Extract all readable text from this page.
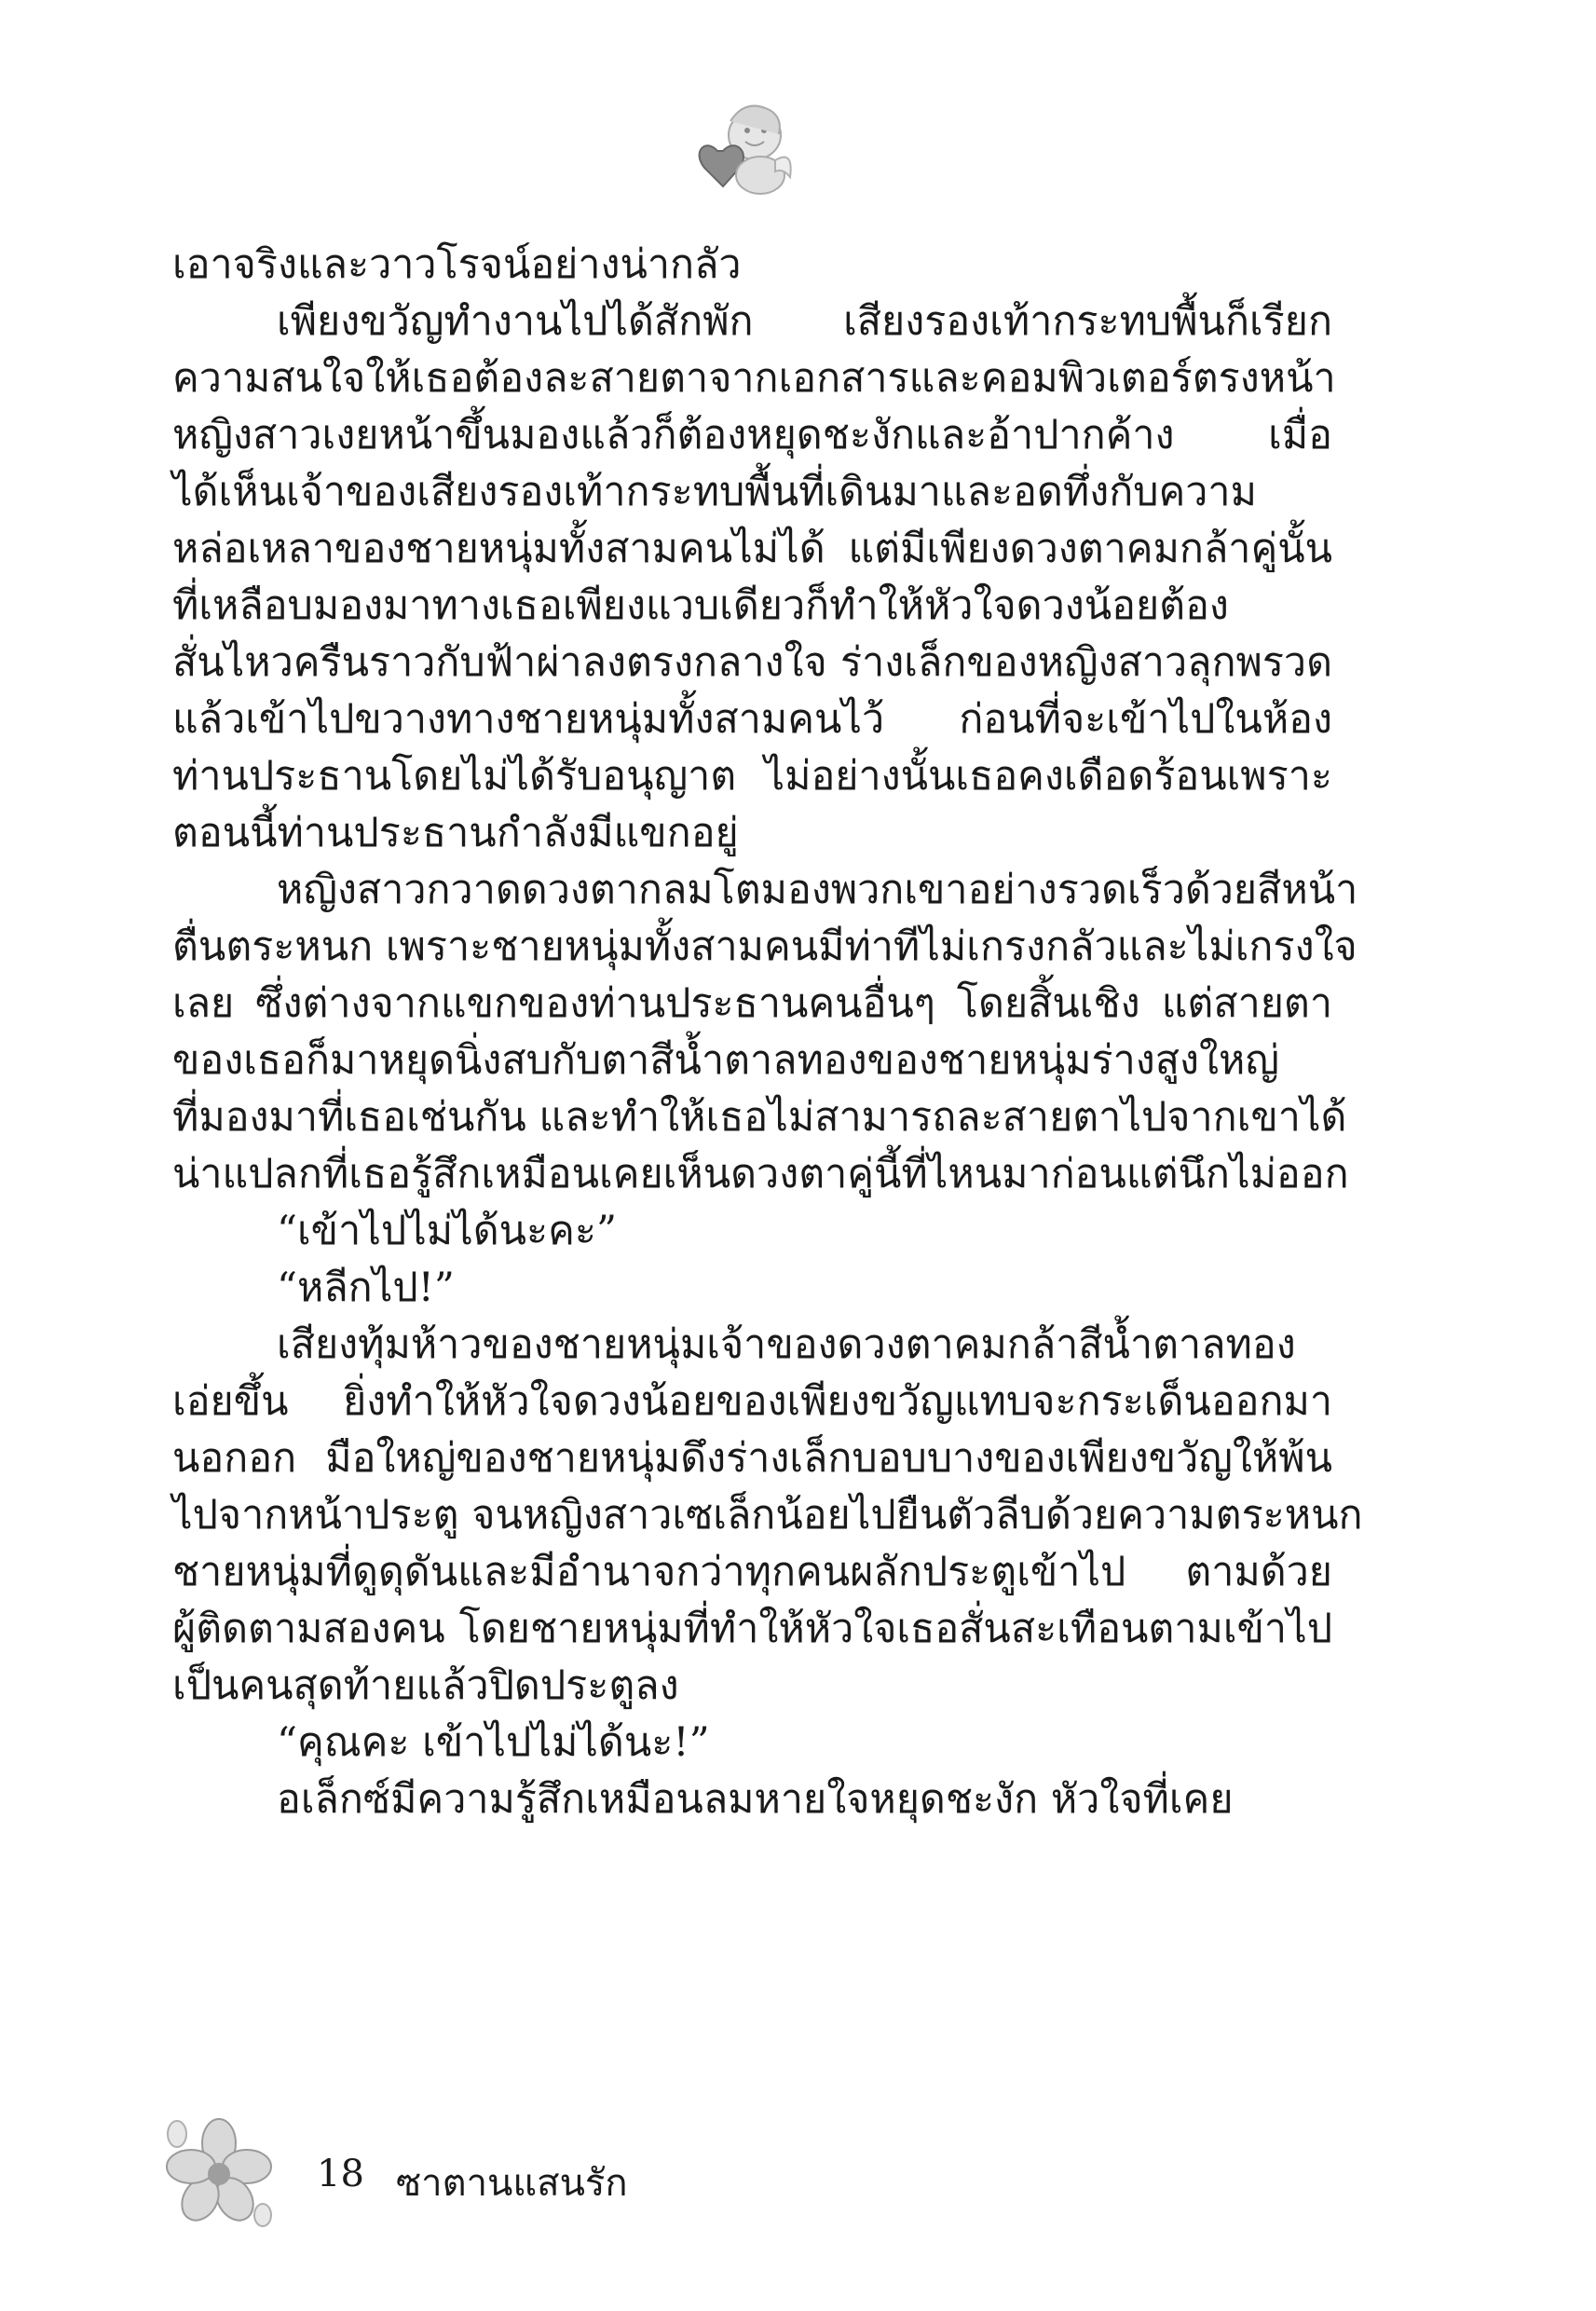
เอาจริงและวาวโรจน์อย่างน่ากลัว
เพียงขวัญทำงานไปได้สักพัก เสียงรองเท้ากระทบพื้นก็เรียก
ความสนใจให้เธอต้องละสายตาจากเอกสารและคอมพิวเตอร์ตรงหน้า
หญิงสาวเงยหน้าขึ้นมองแล้วก็ต้องหยุดชะงักและอ้าปากค้าง เมื่อ
ได้เห็นเจ้าของเสียงรองเท้ากระทบพื้นที่เดินมาและอดทึ่งกับความ
หล่อเหลาของชายหนุ่มทั้งสามคนไม่ได้ แต่มีเพียงดวงตาคมกล้าคู่นั้น
ที่เหลือบมองมาทางเธอเพียงแวบเดียวก็ทำให้หัวใจดวงน้อยต้อง
สั่นไหวครืนราวกับฟ้าผ่าลงตรงกลางใจ ร่างเล็กของหญิงสาวลุกพรวด
แล้วเข้าไปขวางทางชายหนุ่มทั้งสามคนไว้ ก่อนที่จะเข้าไปในห้อง
ท่านประธานโดยไม่ได้รับอนุญาต ไม่อย่างนั้นเธอคงเดือดร้อนเพราะ
ตอนนี้ท่านประธานกำลังมีแขกอยู่
หญิงสาวกวาดดวงตากลมโตมองพวกเขาอย่างรวดเร็วด้วยสีหน้า
ตื่นตระหนก เพราะชายหนุ่มทั้งสามคนมีท่าทีไม่เกรงกลัวและไม่เกรงใจ
เลย ซึ่งต่างจากแขกของท่านประธานคนอื่นๆ โดยสิ้นเชิง แต่สายตา
ของเธอก็มาหยุดนิ่งสบกับตาสีน้ำตาลทองของชายหนุ่มร่างสูงใหญ่
ที่มองมาที่เธอเช่นกัน และทำให้เธอไม่สามารถละสายตาไปจากเขาได้
น่าแปลกที่เธอรู้สึกเหมือนเคยเห็นดวงตาคู่นี้ที่ไหนมาก่อนแต่นึกไม่ออก
“เข้าไปไม่ได้นะคะ”
“หลีกไป!”
เสียงทุ้มห้าวของชายหนุ่มเจ้าของดวงตาคมกล้าสีน้ำตาลทอง
เอ่ยขึ้น ยิ่งทำให้หัวใจดวงน้อยของเพียงขวัญแทบจะกระเด็นออกมา
นอกอก มือใหญ่ของชายหนุ่มดึงร่างเล็กบอบบางของเพียงขวัญให้พ้น
ไปจากหน้าประตู จนหญิงสาวเซเล็กน้อยไปยืนตัวลีบด้วยความตระหนก
ชายหนุ่มที่ดูดุดันและมีอำนาจกว่าทุกคนผลักประตูเข้าไป ตามด้วย
ผู้ติดตามสองคน โดยชายหนุ่มที่ทำให้หัวใจเธอสั่นสะเทือนตามเข้าไป
เป็นคนสุดท้ายแล้วปิดประตูลง
“คุณคะ เข้าไปไม่ได้นะ!”
อเล็กซ์มีความรู้สึกเหมือนลมหายใจหยุดชะงัก หัวใจที่เคย
18 ซาตานแสนรัก
